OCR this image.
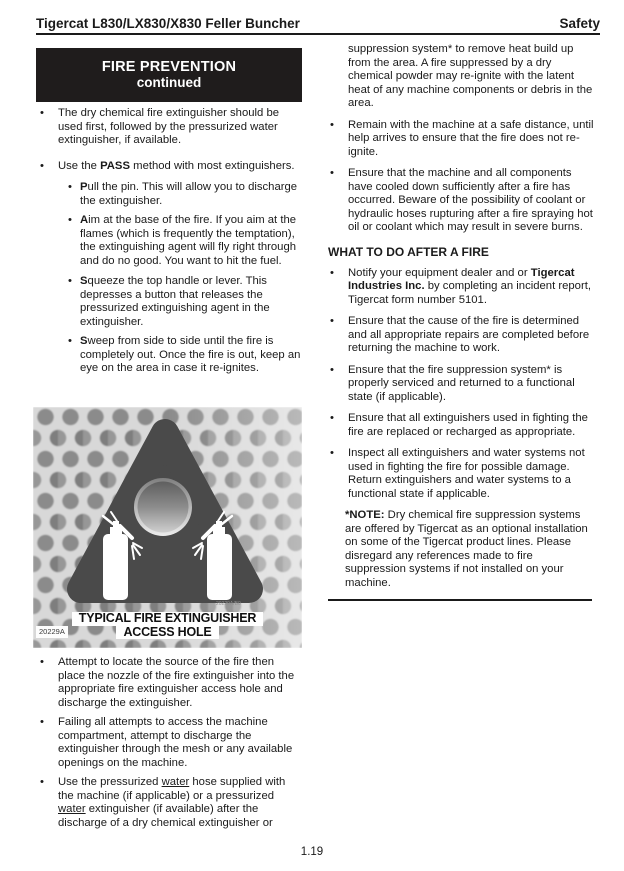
Tigercat L830/LX830/X830 Feller Buncher	Safety
FIRE PREVENTION
continued
•
The dry chemical fire extinguisher should be used first, followed by the pressurized water extinguisher, if available.
•
Use the PASS method with most extinguishers.
•
Pull the pin. This will allow you to discharge the extinguisher.
•
Aim at the base of the fire. If you aim at the flames (which is frequently the temptation), the extinguishing agent will fly right through and do no good. You want to hit the fuel.
•
Squeeze the top handle or lever. This depresses a button that releases the pressurized extinguishing agent in the extinguisher.
•
Sweep from side to side until the fire is completely out. Once the fire is out, keep an eye on the area in case it re-ignites.
20229A/B0
20229A
TYPICAL FIRE EXTINGUISHER
ACCESS HOLE
•
Attempt to locate the source of the fire then place the nozzle of the fire extinguisher into the appropriate fire extinguisher access hole and discharge the extinguisher.
•
Failing all attempts to access the machine compartment, attempt to discharge the extinguisher through the mesh or any available openings on the machine.
•
Use the pressurized water hose supplied with the machine (if applicable) or a pressurized water extinguisher (if available) after the discharge of a dry chemical extinguisher or
suppression system* to remove heat build up from the area. A fire suppressed by a dry chemical powder may re-ignite with the latent heat of any machine components or debris in the area.
•
Remain with the machine at a safe distance, until help arrives to ensure that the fire does not re-ignite.
•
Ensure that the machine and all components have cooled down sufficiently after a fire has occurred. Beware of the possibility of coolant or hydraulic hoses rupturing after a fire spraying hot oil or coolant which may result in severe burns.
WHAT TO DO AFTER A FIRE
•
Notify your equipment dealer and or Tigercat Industries Inc. by completing an incident report, Tigercat form number 5101.
•
Ensure that the cause of the fire is determined and all appropriate repairs are completed before returning the machine to work.
•
Ensure that the fire suppression system* is properly serviced and returned to a functional state (if applicable).
•
Ensure that all extinguishers used in fighting the fire are replaced or recharged as appropriate.
•
Inspect all extinguishers and water systems not used in fighting the fire for possible damage. Return extinguishers and water systems to a functional state if applicable.
*NOTE: Dry chemical fire suppression systems are offered by Tigercat as an optional installation on some of the Tigercat product lines. Please disregard any references made to fire suppression systems if not installed on your machine.
1.19
